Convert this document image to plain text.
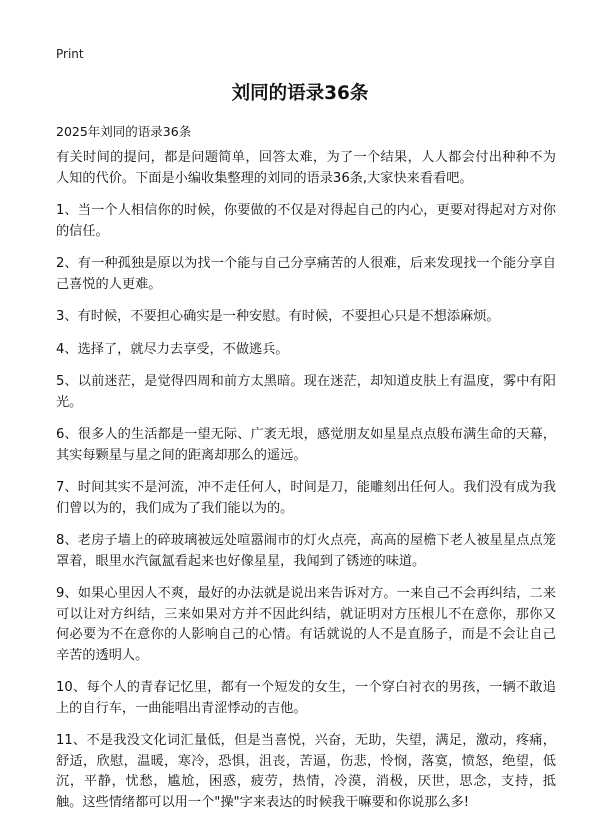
Print
刘同的语录36条

2025年刘同的语录36条

有关时间的提问，都是问题简单，回答太难，为了一个结果，人人都会付出种种不为人知的代价。下面是小编收集整理的刘同的语录36条,大家快来看看吧。

1、当一个人相信你的时候，你要做的不仅是对得起自己的内心，更要对得起对方对你的信任。

2、有一种孤独是原以为找一个能与自己分享痛苦的人很难，后来发现找一个能分享自己喜悦的人更难。

3、有时候，不要担心确实是一种安慰。有时候，不要担心只是不想添麻烦。

4、选择了，就尽力去享受，不做逃兵。

5、以前迷茫，是觉得四周和前方太黑暗。现在迷茫，却知道皮肤上有温度，雾中有阳光。

6、很多人的生活都是一望无际、广袤无垠，感觉朋友如星星点点般布满生命的天幕，其实每颗星与星之间的距离却那么的遥远。

7、时间其实不是河流，冲不走任何人，时间是刀，能雕刻出任何人。我们没有成为我们曾以为的，我们成为了我们能以为的。

8、老房子墙上的碎玻璃被远处喧嚣闹市的灯火点亮，高高的屋檐下老人被星星点点笼罩着，眼里水汽氤氲看起来也好像星星，我闻到了锈迹的味道。

9、如果心里因人不爽，最好的办法就是说出来告诉对方。一来自己不会再纠结，二来可以让对方纠结，三来如果对方并不因此纠结，就证明对方压根儿不在意你，那你又何必要为不在意你的人影响自己的心情。有话就说的人不是直肠子，而是不会让自己辛苦的透明人。

10、每个人的青春记忆里，都有一个短发的女生，一个穿白衬衣的男孩，一辆不敢追上的自行车，一曲能唱出青涩悸动的吉他。

11、不是我没文化词汇量低，但是当喜悦，兴奋，无助，失望，满足，激动，疼痛，舒适，欣慰，温暖，寒冷，恐惧，沮丧，苦逼，伤悲，怜悯，落寞，愤怒，绝望，低沉，平静，忧愁，尴尬，困惑，疲劳，热情，冷漠，消极，厌世，思念，支持，抵触。这些情绪都可以用一个"操"字来表达的时候我干嘛要和你说那么多!
